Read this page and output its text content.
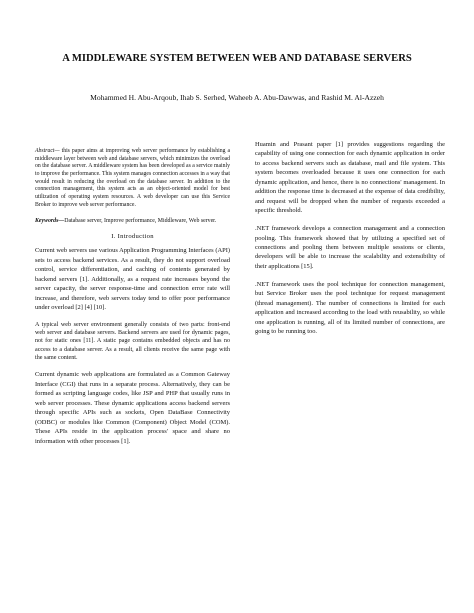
A MIDDLEWARE SYSTEM BETWEEN WEB AND DATABASE SERVERS
Mohammed H. Abu-Arqoub, Ihab S. Serhed, Waheeb A. Abu-Dawwas, and Rashid M. Al-Azzeh

Abstract— this paper aims at improving web server performance by establishing a middleware layer between web and database servers, which minimizes the overload on the database server. A middleware system has been developed as a service mainly to improve the performance. This system manages connection accesses in a way that would result in reducing the overload on the database server. In addition to the connection management, this system acts as an object-oriented model for best utilization of operating system resources. A web developer can use this Service Broker to improve web server performance.

Keywords—Database server, Improve performance, Middleware, Web server.

I. Introduction

Current web servers use various Application Programming Interfaces (API) sets to access backend services. As a result, they do not support overload control, service differentiation, and caching of contents generated by backend servers [1]. Additionally, as a request rate increases beyond the server capacity, the server response-time and connection error rate will increase, and therefore, web servers today tend to offer poor performance under overload [2] [4] [10].

A typical web server environment generally consists of two parts: front-end web server and database servers. Backend servers are used for dynamic pages, not for static ones [11]. A static page contains embedded objects and has no access to a database server. As a result, all clients receive the same page with the same content.

Current dynamic web applications are formulated as a Common Gateway Interface (CGI) that runs in a separate process. Alternatively, they can be formed as scripting language codes, like JSP and PHP that usually runs in web server processes. These dynamic applications access backend servers through specific APIs such as sockets, Open DataBase Connectivity (ODBC) or modules like Common (Component) Object Model (COM). These APIs reside in the application process' space and share no information with other processes [1].

Huamin and Prasant paper [1] provides suggestions regarding the capability of using one connection for each dynamic application in order to access backend servers such as database, mail and file system. This system becomes overloaded because it uses one connection for each dynamic application, and hence, there is no connections' management. In addition the response time is decreased at the expense of data credibility, and request will be dropped when the number of requests exceeded a specific threshold.

.NET framework develops a connection management and a connection pooling. This framework showed that by utilizing a specified set of connections and pooling them between multiple sessions or clients, developers will be able to increase the scalability and extensibility of their applications [15].

.NET framework uses the pool technique for connection management, but Service Broker uses the pool technique for request management (thread management). The number of connections is limited for each application and increased according to the load with reusability, so while one application is running, all of its limited number of connections, are going to be running too.
